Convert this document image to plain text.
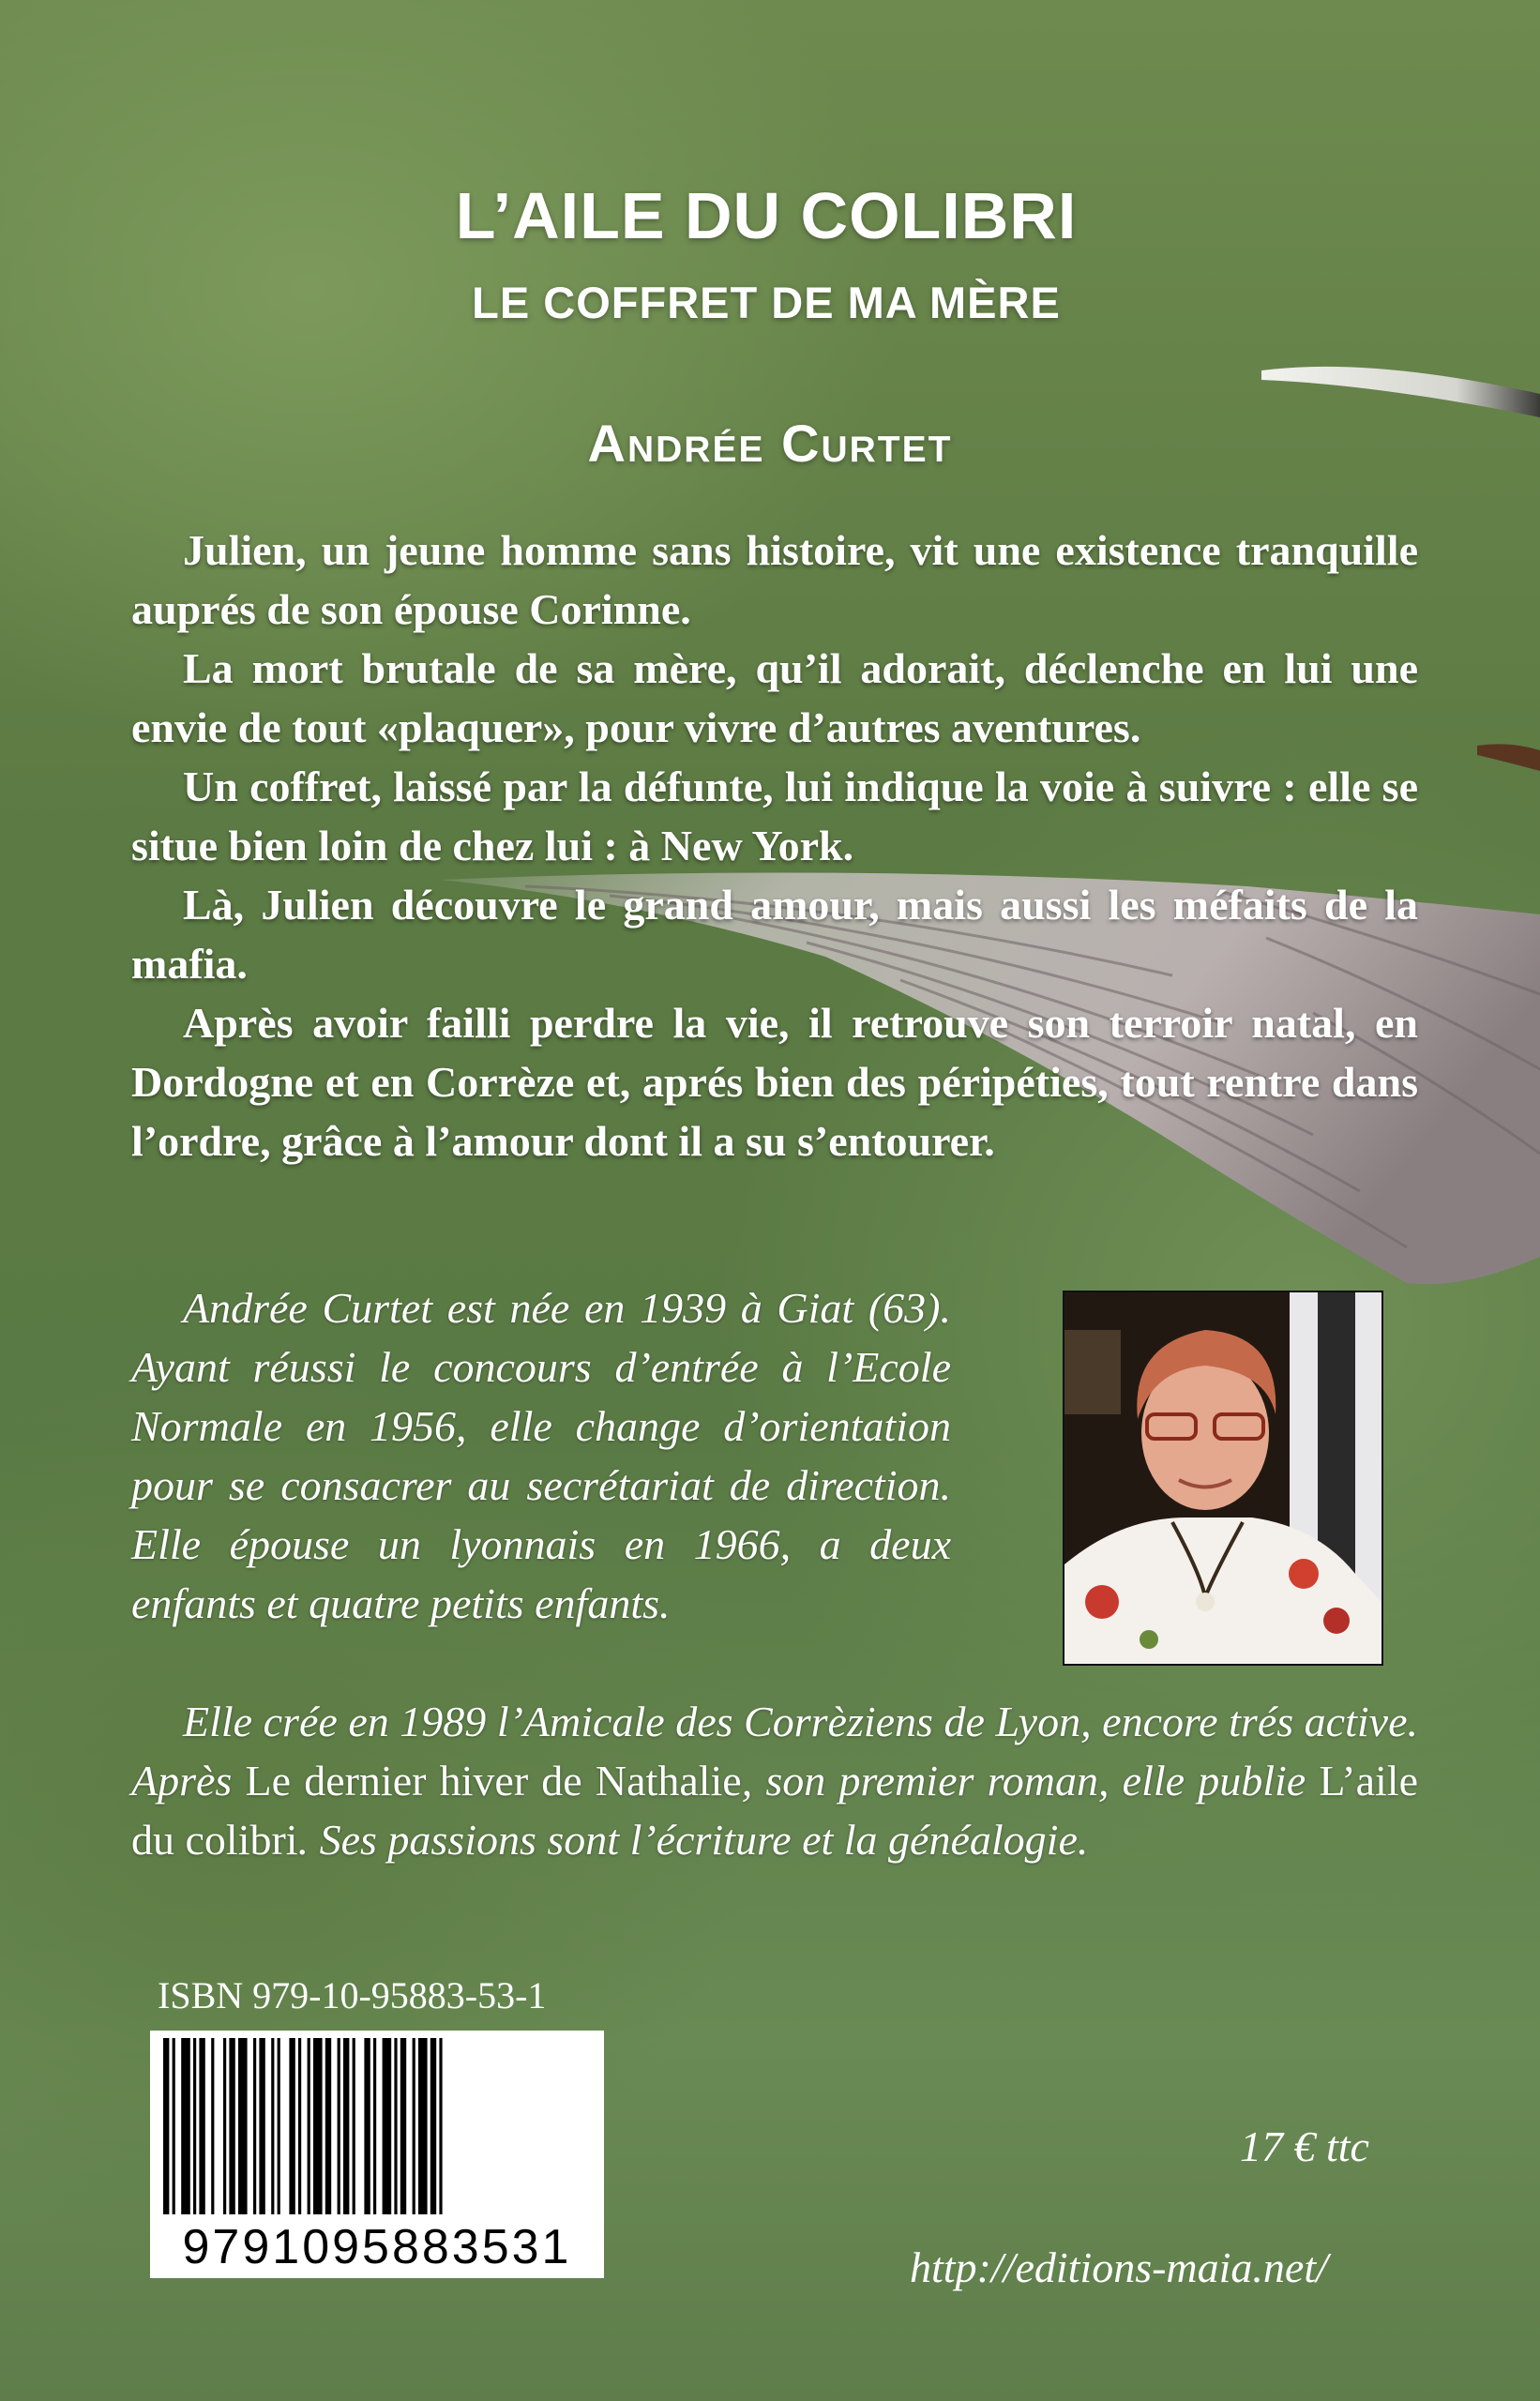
L’AILE DU COLIBRI
LE COFFRET DE MA MÈRE
Andrée Curtet

Julien, un jeune homme sans histoire, vit une existence tranquille auprés de son épouse Corinne.

La mort brutale de sa mère, qu’il adorait, déclenche en lui une envie de tout «plaquer», pour vivre d’autres aventures.

Un coffret, laissé par la défunte, lui indique la voie à suivre : elle se situe bien loin de chez lui : à New York.

Là, Julien découvre le grand amour, mais aussi les méfaits de la mafia.

Après avoir failli perdre la vie, il retrouve son terroir natal, en Dordogne et en Corrèze et, aprés bien des péripéties, tout rentre dans l’ordre, grâce à l’amour dont il a su s’entourer.

Andrée Curtet est née en 1939 à Giat (63). Ayant réussi le concours d’entrée à l’Ecole Normale en 1956, elle change d’orientation pour se consacrer au secrétariat de direction. Elle épouse un lyonnais en 1966, a deux enfants et quatre petits enfants.

Elle crée en 1989 l’Amicale des Corrèziens de Lyon, encore trés active. Après Le dernier hiver de Nathalie, son premier roman, elle publie L’aile du colibri. Ses passions sont l’écriture et la généalogie.

ISBN 979-10-95883-53-1
9791095883531
17 € ttc
http://editions-maia.net/
